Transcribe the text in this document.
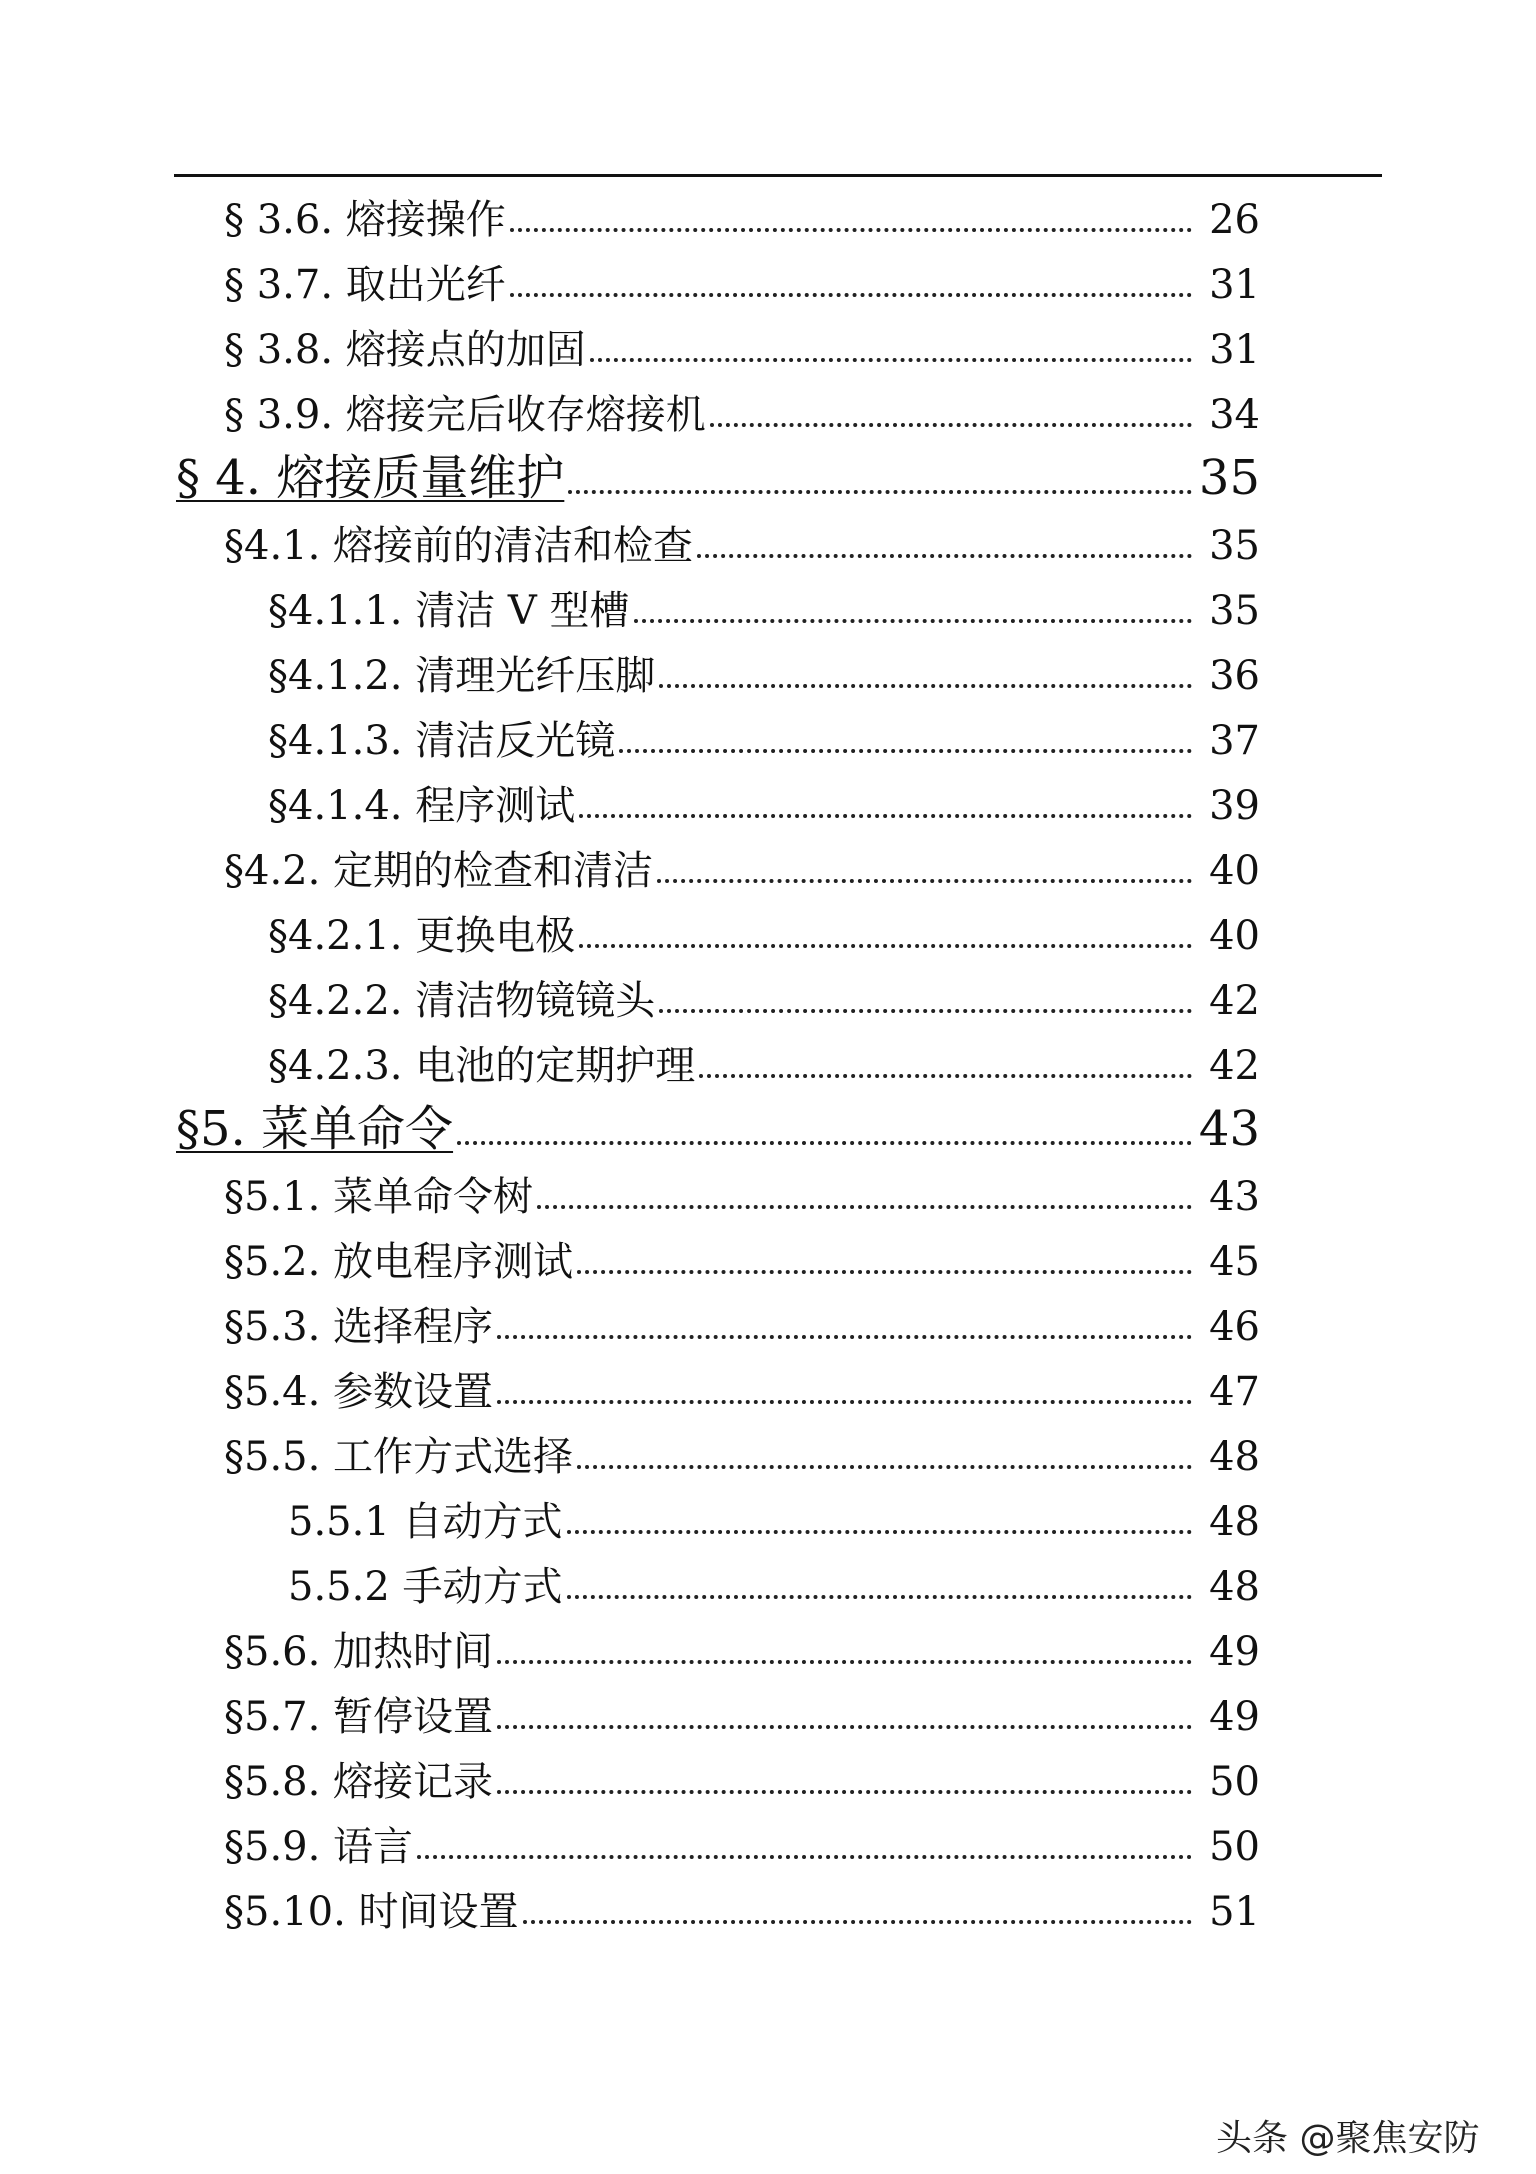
§ 3.6. 熔接操作	26
§ 3.7. 取出光纤	31
§ 3.8. 熔接点的加固	31
§ 3.9. 熔接完后收存熔接机	34
§ 4. 熔接质量维护	35
§4.1. 熔接前的清洁和检查	35
§4.1.1. 清洁 V 型槽	35
§4.1.2. 清理光纤压脚	36
§4.1.3. 清洁反光镜	37
§4.1.4. 程序测试	39
§4.2. 定期的检查和清洁	40
§4.2.1. 更换电极	40
§4.2.2. 清洁物镜镜头	42
§4.2.3. 电池的定期护理	42
§5. 菜单命令	43
§5.1. 菜单命令树	43
§5.2. 放电程序测试	45
§5.3. 选择程序	46
§5.4. 参数设置	47
§5.5. 工作方式选择	48
5.5.1 自动方式	48
5.5.2 手动方式	48
§5.6. 加热时间	49
§5.7. 暂停设置	49
§5.8. 熔接记录	50
§5.9. 语言	50
§5.10. 时间设置	51
头条 @聚焦安防
